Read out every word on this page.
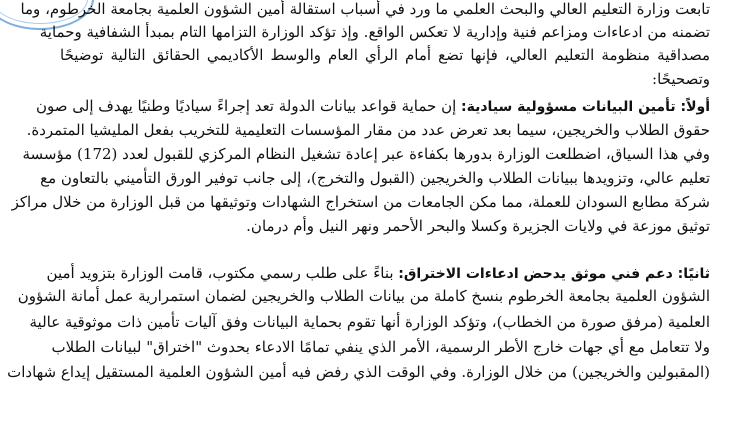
تابعت وزارة التعليم العالي والبحث العلمي ما ورد في أسباب استقالة أمين الشؤون العلمية بجامعة الخرطوم، وما
تضمنه من ادعاءات ومزاعم فنية وإدارية لا تعكس الواقع. وإذ تؤكد الوزارة التزامها التام بمبدأ الشفافية وحماية
مصداقية منظومة التعليم العالي، فإنها تضع أمام الرأي العام والوسط الأكاديمي الحقائق التالية توضيحًا
وتصحيحًا:
أولاً: تأمين البيانات مسؤولية سيادية: إن حماية قواعد بيانات الدولة تعد إجراءً سياديًا وطنيًا يهدف إلى صون
حقوق الطلاب والخريجين، سيما بعد تعرض عدد من مقار المؤسسات التعليمية للتخريب بفعل المليشيا المتمردة.
وفي هذا السياق، اضطلعت الوزارة بدورها بكفاءة عبر إعادة تشغيل النظام المركزي للقبول لعدد (172) مؤسسة
تعليم عالي، وتزويدها ببيانات الطلاب والخريجين (القبول والتخرج)، إلى جانب توفير الورق التأميني بالتعاون مع
شركة مطابع السودان للعملة، مما مكن الجامعات من استخراج الشهادات وتوثيقها من قبل الوزارة من خلال مراكز
توثيق موزعة في ولايات الجزيرة وكسلا والبحر الأحمر ونهر النيل وأم درمان.
ثانيًا: دعم فني موثق يدحض ادعاءات الاختراق: بناءً على طلب رسمي مكتوب، قامت الوزارة بتزويد أمين
الشؤون العلمية بجامعة الخرطوم بنسخ كاملة من بيانات الطلاب والخريجين لضمان استمرارية عمل أمانة الشؤون
العلمية (مرفق صورة من الخطاب)، وتؤكد الوزارة أنها تقوم بحماية البيانات وفق آليات تأمين ذات موثوقية عالية
ولا تتعامل مع أي جهات خارج الأطر الرسمية، الأمر الذي ينفي تمامًا الادعاء بحدوث "اختراق" لبيانات الطلاب
(المقبولين والخريجين) من خلال الوزارة. وفي الوقت الذي رفض فيه أمين الشؤون العلمية المستقيل إيداع شهادات
